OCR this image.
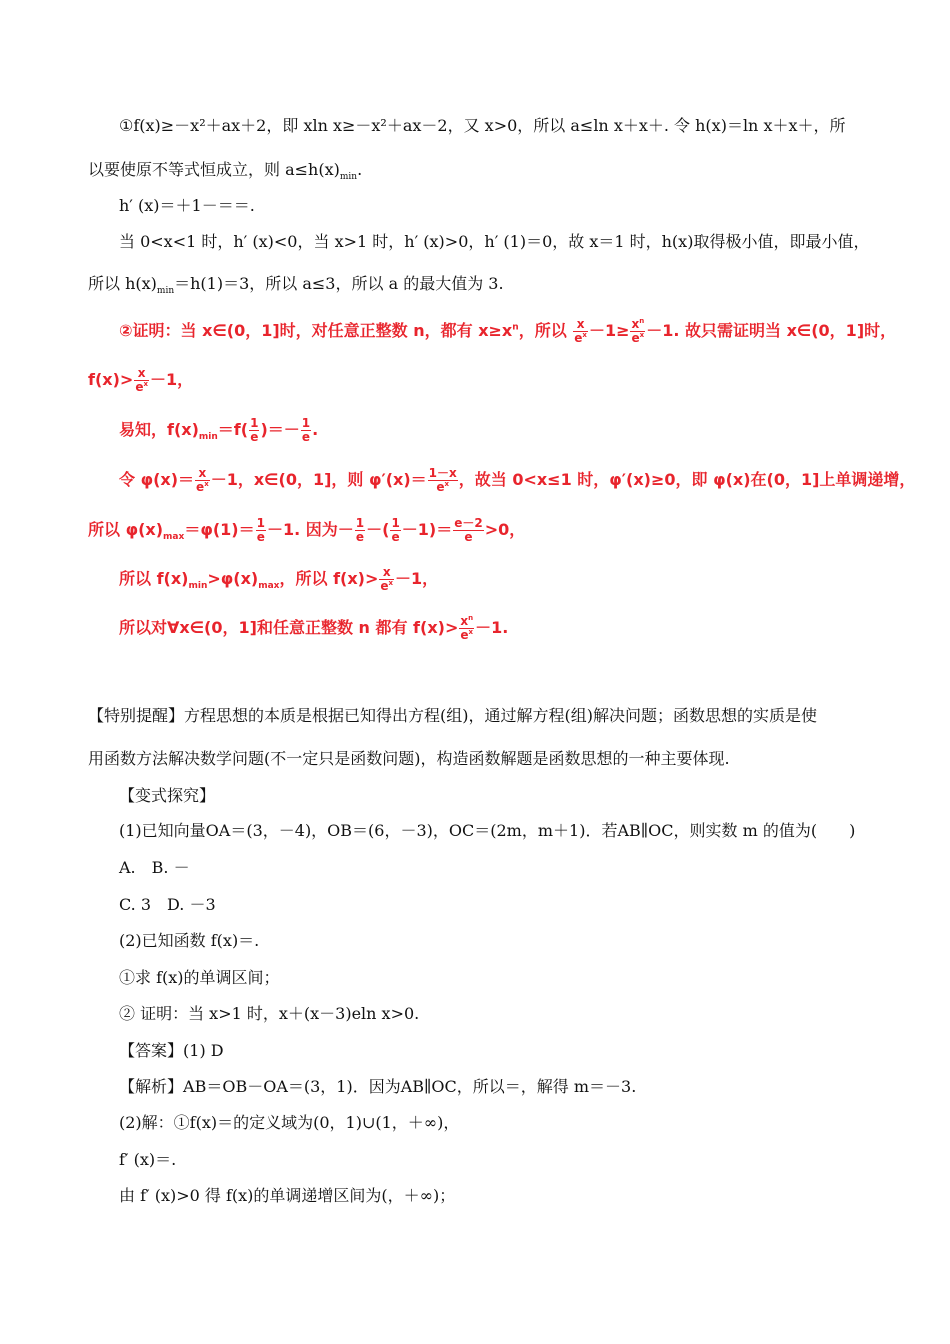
①f(x)≥－x²＋ax＋2，即 xln x≥－x²＋ax－2，又 x>0，所以 a≤ln x＋x＋. 令 h(x)＝ln x＋x＋，所
以要使原不等式恒成立，则 $a\le h(x)_{min}$.
h′ (x)＝＋1－＝＝.
当 0<x<1 时，h′ (x)<0，当 x>1 时，h′ (x)>0，h′ (1)＝0，故 x＝1 时，h(x)取得极小值，即最小值，
所以 $h(x)_{min}=h(1)=3$，所以 a≤3，所以 a 的最大值为 3.
②证明：当 x∈(0，1]时，对任意正整数 n，都有 $x\ge x^n$，所以 $\frac{x}{e^x} -1\ge \frac{x^n}{e^x} -1$. 故只需证明当 x∈(0，1]时，
$f(x)> \frac{x}{e^x} -1$，
易知，$f(x)_{min}=f( \frac{1}{e}$ )＝－ $\frac{1}{e}$ .
令 $\varphi(x)= \frac{x}{e^x} -1$，x∈(0，1]，则 $\varphi'(x)= \frac{1-x}{e^x}$ ，故当 0<x≤1 时，φ′(x)≥0，即 φ(x)在(0，1]上单调递增，
所以 $\varphi(x)_{max}=\varphi(1)= \frac{1}{e} -1$. 因为－ $\frac{1}{e}$ －( $\frac{1}{e} -1)= \frac{e-2}{e} >0$，
所以 $f(x)_{min}>\varphi(x)_{max}$，所以 $f(x)> \frac{x}{e^x} -1$，
所以对∀x∈(0，1]和任意正整数 n 都有 $f(x)> \frac{x^n}{e^x} -1$.
【特别提醒】方程思想的本质是根据已知得出方程(组)，通过解方程(组)解决问题；函数思想的实质是使
用函数方法解决数学问题(不一定只是函数问题)，构造函数解题是函数思想的一种主要体现.
【变式探究】
(1)已知向量OA＝(3，－4)，OB＝(6，－3)，OC＝(2m，m＋1)．若AB∥OC，则实数 m 的值为(　　)
A.　B. －
C. 3　D. －3
(2)已知函数 f(x)＝.
①求 f(x)的单调区间；
② 证明：当 x>1 时，x＋(x－3)eln x>0.
【答案】(1) D
【解析】AB＝OB－OA＝(3，1)．因为AB∥OC，所以＝，解得 m＝－3.
(2)解：①f(x)＝的定义域为(0，1)∪(1，＋∞)，
f′ (x)＝.
由 f′ (x)>0 得 f(x)的单调递增区间为(，＋∞)；
